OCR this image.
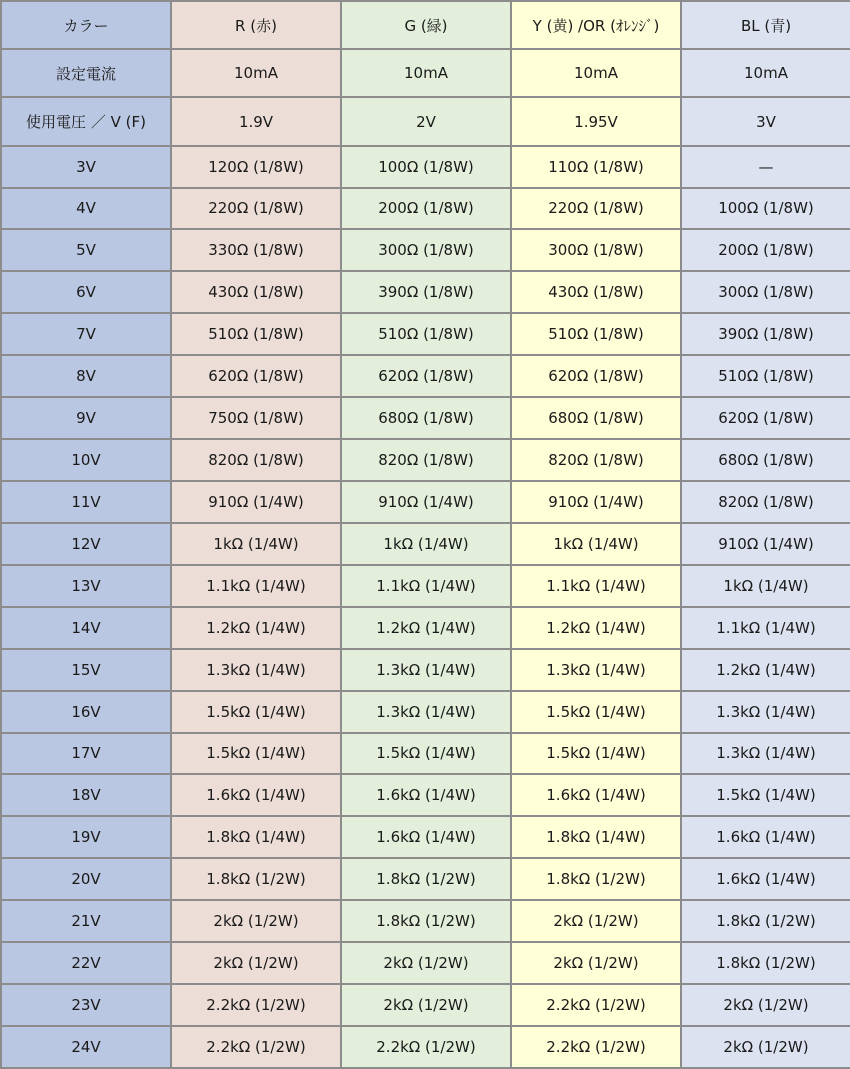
カラー	R (赤)	G (緑)	Y (黄) /OR (ｵﾚﾝｼﾞ)	BL (青)
設定電流	10mA	10mA	10mA	10mA
使用電圧 ／ V (F)	1.9V	2V	1.95V	3V
3V	120Ω (1/8W)	100Ω (1/8W)	110Ω (1/8W)	—
4V	220Ω (1/8W)	200Ω (1/8W)	220Ω (1/8W)	100Ω (1/8W)
5V	330Ω (1/8W)	300Ω (1/8W)	300Ω (1/8W)	200Ω (1/8W)
6V	430Ω (1/8W)	390Ω (1/8W)	430Ω (1/8W)	300Ω (1/8W)
7V	510Ω (1/8W)	510Ω (1/8W)	510Ω (1/8W)	390Ω (1/8W)
8V	620Ω (1/8W)	620Ω (1/8W)	620Ω (1/8W)	510Ω (1/8W)
9V	750Ω (1/8W)	680Ω (1/8W)	680Ω (1/8W)	620Ω (1/8W)
10V	820Ω (1/8W)	820Ω (1/8W)	820Ω (1/8W)	680Ω (1/8W)
11V	910Ω (1/4W)	910Ω (1/4W)	910Ω (1/4W)	820Ω (1/8W)
12V	1kΩ (1/4W)	1kΩ (1/4W)	1kΩ (1/4W)	910Ω (1/4W)
13V	1.1kΩ (1/4W)	1.1kΩ (1/4W)	1.1kΩ (1/4W)	1kΩ (1/4W)
14V	1.2kΩ (1/4W)	1.2kΩ (1/4W)	1.2kΩ (1/4W)	1.1kΩ (1/4W)
15V	1.3kΩ (1/4W)	1.3kΩ (1/4W)	1.3kΩ (1/4W)	1.2kΩ (1/4W)
16V	1.5kΩ (1/4W)	1.3kΩ (1/4W)	1.5kΩ (1/4W)	1.3kΩ (1/4W)
17V	1.5kΩ (1/4W)	1.5kΩ (1/4W)	1.5kΩ (1/4W)	1.3kΩ (1/4W)
18V	1.6kΩ (1/4W)	1.6kΩ (1/4W)	1.6kΩ (1/4W)	1.5kΩ (1/4W)
19V	1.8kΩ (1/4W)	1.6kΩ (1/4W)	1.8kΩ (1/4W)	1.6kΩ (1/4W)
20V	1.8kΩ (1/2W)	1.8kΩ (1/2W)	1.8kΩ (1/2W)	1.6kΩ (1/4W)
21V	2kΩ (1/2W)	1.8kΩ (1/2W)	2kΩ (1/2W)	1.8kΩ (1/2W)
22V	2kΩ (1/2W)	2kΩ (1/2W)	2kΩ (1/2W)	1.8kΩ (1/2W)
23V	2.2kΩ (1/2W)	2kΩ (1/2W)	2.2kΩ (1/2W)	2kΩ (1/2W)
24V	2.2kΩ (1/2W)	2.2kΩ (1/2W)	2.2kΩ (1/2W)	2kΩ (1/2W)
